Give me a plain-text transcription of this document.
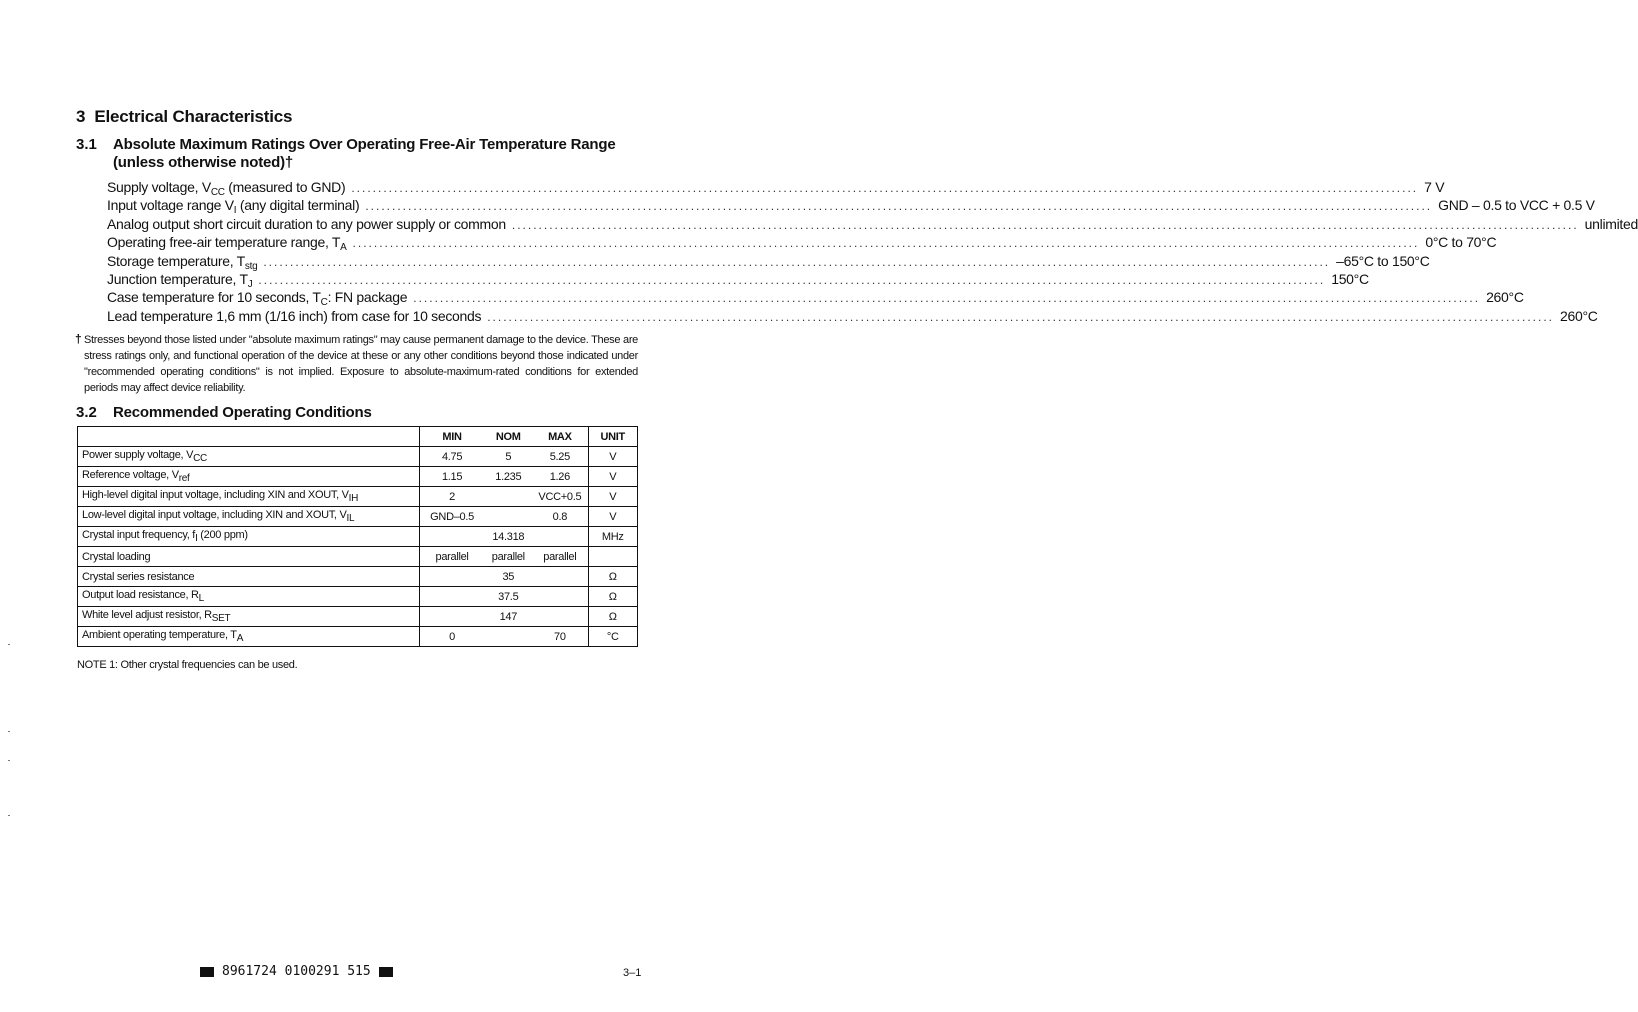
3 Electrical Characteristics
3.1 Absolute Maximum Ratings Over Operating Free-Air Temperature Range
(unless otherwise noted)†
Supply voltage, $V_{CC}$ (measured to GND) ........................................................................................................................................................................................................ 7 V
Input voltage range $V_I$ (any digital terminal) ........................................................................................................................................................................................................ GND – 0.5 to VCC + 0.5 V
Analog output short circuit duration to any power supply or common ........................................................................................................................................................................................................ unlimited
Operating free-air temperature range, $T_A$ ........................................................................................................................................................................................................ 0°C to 70°C
Storage temperature, $T_{stg}$ ........................................................................................................................................................................................................ –65°C to 150°C
Junction temperature, $T_J$ ........................................................................................................................................................................................................ 150°C
Case temperature for 10 seconds, $T_C$: FN package ........................................................................................................................................................................................................ 260°C
Lead temperature 1,6 mm (1/16 inch) from case for 10 seconds ........................................................................................................................................................................................................ 260°C
† Stresses beyond those listed under "absolute maximum ratings" may cause permanent damage to the device. These are stress ratings only, and functional operation of the device at these or any other conditions beyond those indicated under "recommended operating conditions" is not implied. Exposure to absolute-maximum-rated conditions for extended periods may affect device reliability.
3.2 Recommended Operating Conditions
	MIN	NOM	MAX	UNIT
Power supply voltage, $V_{CC}$	4.75	5	5.25	V
Reference voltage, $V_{ref}$	1.15	1.235	1.26	V
High-level digital input voltage, including XIN and XOUT, $V_{IH}$	2		VCC+0.5	V
Low-level digital input voltage, including XIN and XOUT, $V_{IL}$	GND–0.5		0.8	V
Crystal input frequency, $f_I$ (200 ppm)		14.318		MHz
Crystal loading	parallel	parallel	parallel	
Crystal series resistance		35		Ω
Output load resistance, $R_L$		37.5		Ω
White level adjust resistor, $R_{SET}$		147		Ω
Ambient operating temperature, $T_A$	0		70	°C
NOTE 1: Other crystal frequencies can be used.
8961724 0100291 515	3–1
